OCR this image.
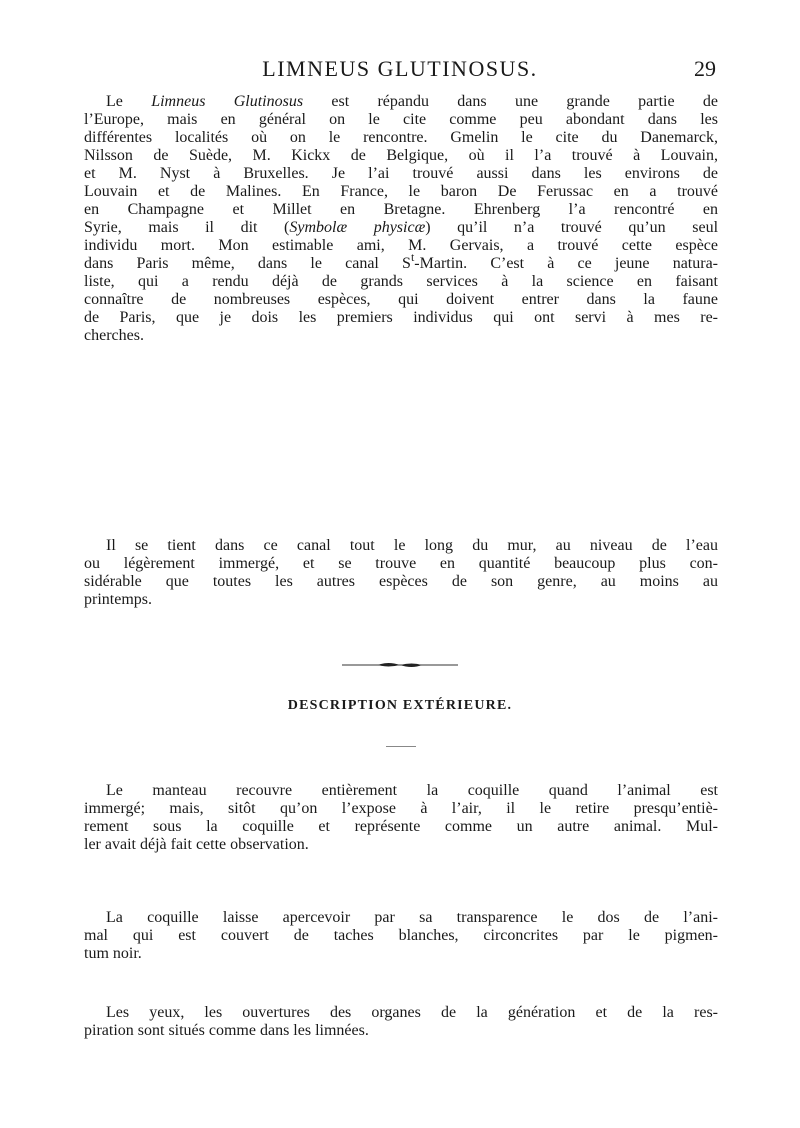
LIMNEUS GLUTINOSUS.	29
Le Limneus Glutinosus est répandu dans une grande partie de
l’Europe, mais en général on le cite comme peu abondant dans les
différentes localités où on le rencontre. Gmelin le cite du Danemarck,
Nilsson de Suède, M. Kickx de Belgique, où il l’a trouvé à Louvain,
et M. Nyst à Bruxelles. Je l’ai trouvé aussi dans les environs de
Louvain et de Malines. En France, le baron De Ferussac en a trouvé
en Champagne et Millet en Bretagne. Ehrenberg l’a rencontré en
Syrie, mais il dit (Symbolæ physicæ) qu’il n’a trouvé qu’un seul
individu mort. Mon estimable ami, M. Gervais, a trouvé cette espèce
dans Paris même, dans le canal $S^t$-Martin. C’est à ce jeune natura-
liste, qui a rendu déjà de grands services à la science en faisant
connaître de nombreuses espèces, qui doivent entrer dans la faune
de Paris, que je dois les premiers individus qui ont servi à mes re-
cherches.
Il se tient dans ce canal tout le long du mur, au niveau de l’eau
ou légèrement immergé, et se trouve en quantité beaucoup plus con-
sidérable que toutes les autres espèces de son genre, au moins au
printemps.
DESCRIPTION EXTÉRIEURE.
Le manteau recouvre entièrement la coquille quand l’animal est
immergé; mais, sitôt qu’on l’expose à l’air, il le retire presqu’entiè-
rement sous la coquille et représente comme un autre animal. Mul-
ler avait déjà fait cette observation.
La coquille laisse apercevoir par sa transparence le dos de l’ani-
mal qui est couvert de taches blanches, circoncrites par le pigmen-
tum noir.
Les yeux, les ouvertures des organes de la génération et de la res-
piration sont situés comme dans les limnées.
